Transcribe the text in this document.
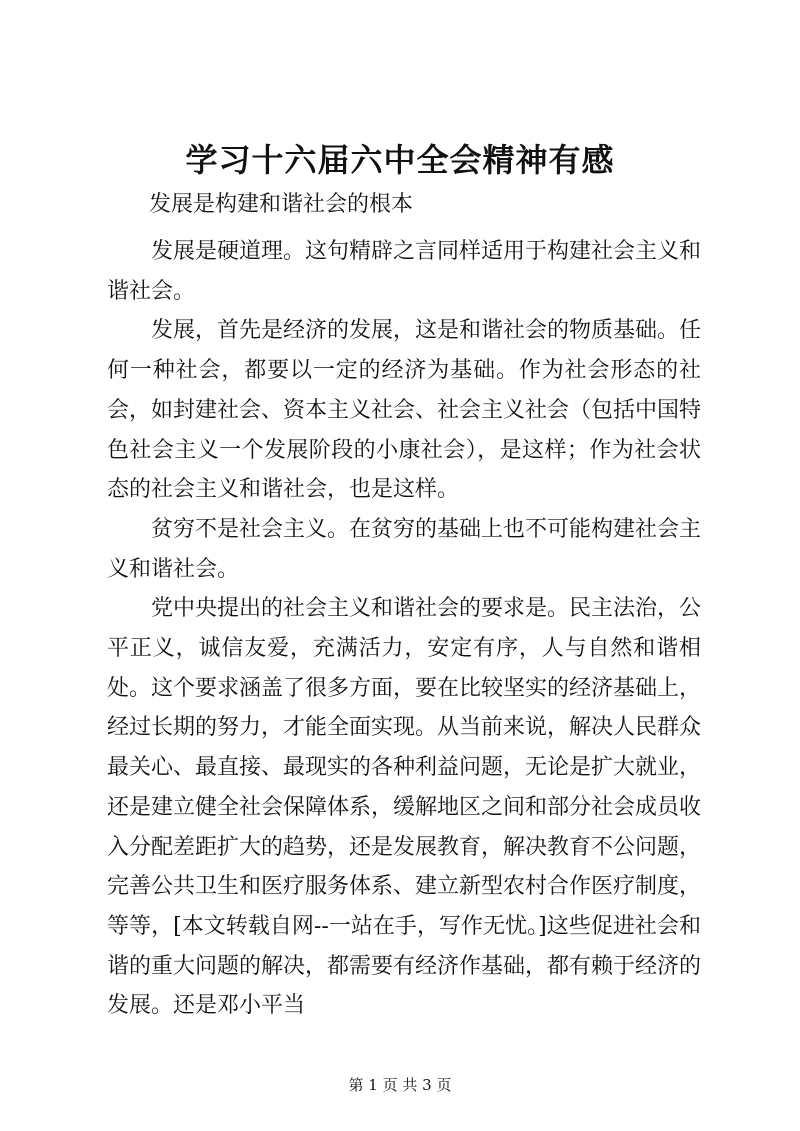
学习十六届六中全会精神有感

发展是构建和谐社会的根本

发展是硬道理。这句精辟之言同样适用于构建社会主义和谐社会。

发展，首先是经济的发展，这是和谐社会的物质基础。任何一种社会，都要以一定的经济为基础。作为社会形态的社会，如封建社会、资本主义社会、社会主义社会（包括中国特色社会主义一个发展阶段的小康社会），是这样；作为社会状态的社会主义和谐社会，也是这样。

贫穷不是社会主义。在贫穷的基础上也不可能构建社会主义和谐社会。

党中央提出的社会主义和谐社会的要求是。民主法治，公平正义，诚信友爱，充满活力，安定有序，人与自然和谐相处。这个要求涵盖了很多方面，要在比较坚实的经济基础上，经过长期的努力，才能全面实现。从当前来说，解决人民群众最关心、最直接、最现实的各种利益问题，无论是扩大就业，还是建立健全社会保障体系，缓解地区之间和部分社会成员收入分配差距扩大的趋势，还是发展教育，解决教育不公问题，完善公共卫生和医疗服务体系、建立新型农村合作医疗制度，等等，[本文转载自网--一站在手，写作无忧。]这些促进社会和谐的重大问题的解决，都需要有经济作基础，都有赖于经济的发展。还是邓小平当

第 1 页 共 3 页
